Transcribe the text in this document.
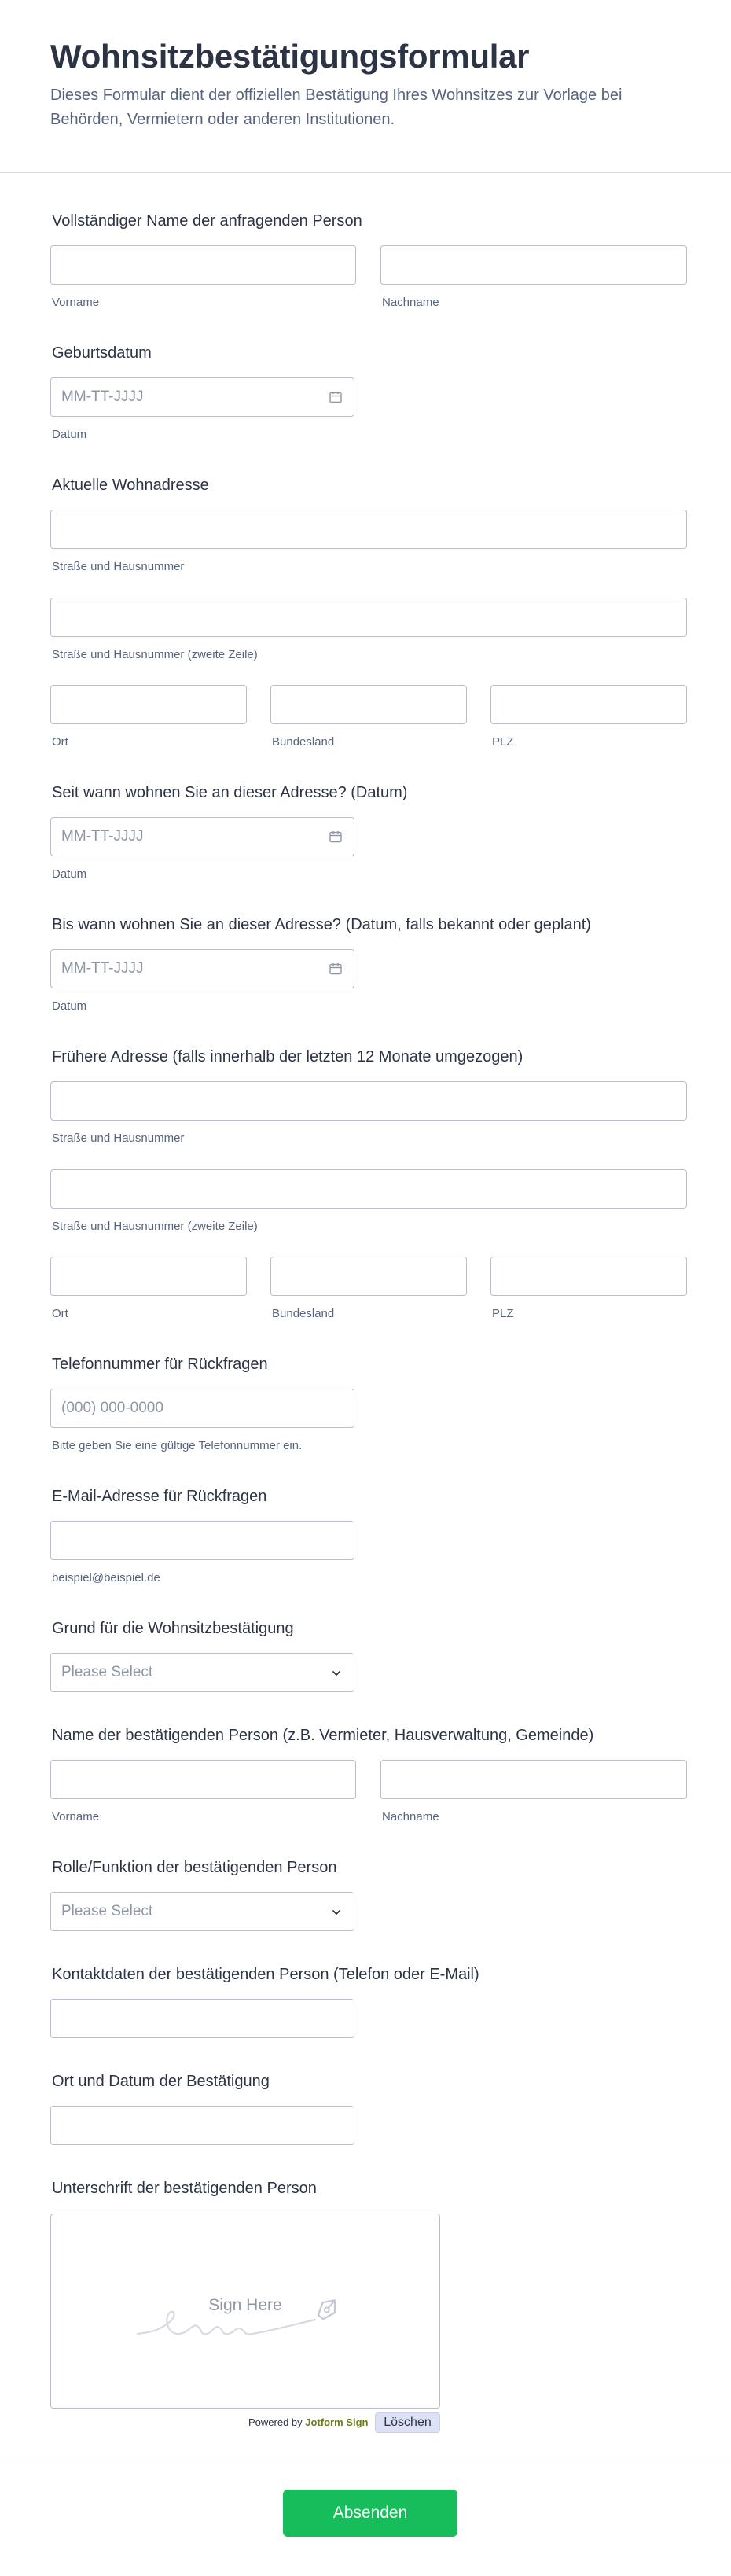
Wohnsitzbestätigungsformular
Dieses Formular dient der offiziellen Bestätigung Ihres Wohnsitzes zur Vorlage bei Behörden, Vermietern oder anderen Institutionen.
Vollständiger Name der anfragenden Person
Vorname	Nachname
Geburtsdatum
MM-TT-JJJJ
Datum
Aktuelle Wohnadresse
Straße und Hausnummer
Straße und Hausnummer (zweite Zeile)
Ort	Bundesland	PLZ
Seit wann wohnen Sie an dieser Adresse? (Datum)
MM-TT-JJJJ
Datum
Bis wann wohnen Sie an dieser Adresse? (Datum, falls bekannt oder geplant)
MM-TT-JJJJ
Datum
Frühere Adresse (falls innerhalb der letzten 12 Monate umgezogen)
Straße und Hausnummer
Straße und Hausnummer (zweite Zeile)
Ort	Bundesland	PLZ
Telefonnummer für Rückfragen
(000) 000-0000
Bitte geben Sie eine gültige Telefonnummer ein.
E-Mail-Adresse für Rückfragen
beispiel@beispiel.de
Grund für die Wohnsitzbestätigung
Please Select
Name der bestätigenden Person (z.B. Vermieter, Hausverwaltung, Gemeinde)
Vorname	Nachname
Rolle/Funktion der bestätigenden Person
Please Select
Kontaktdaten der bestätigenden Person (Telefon oder E-Mail)
Ort und Datum der Bestätigung
Unterschrift der bestätigenden Person
Sign Here
Powered by Jotform Sign	Löschen
Absenden
